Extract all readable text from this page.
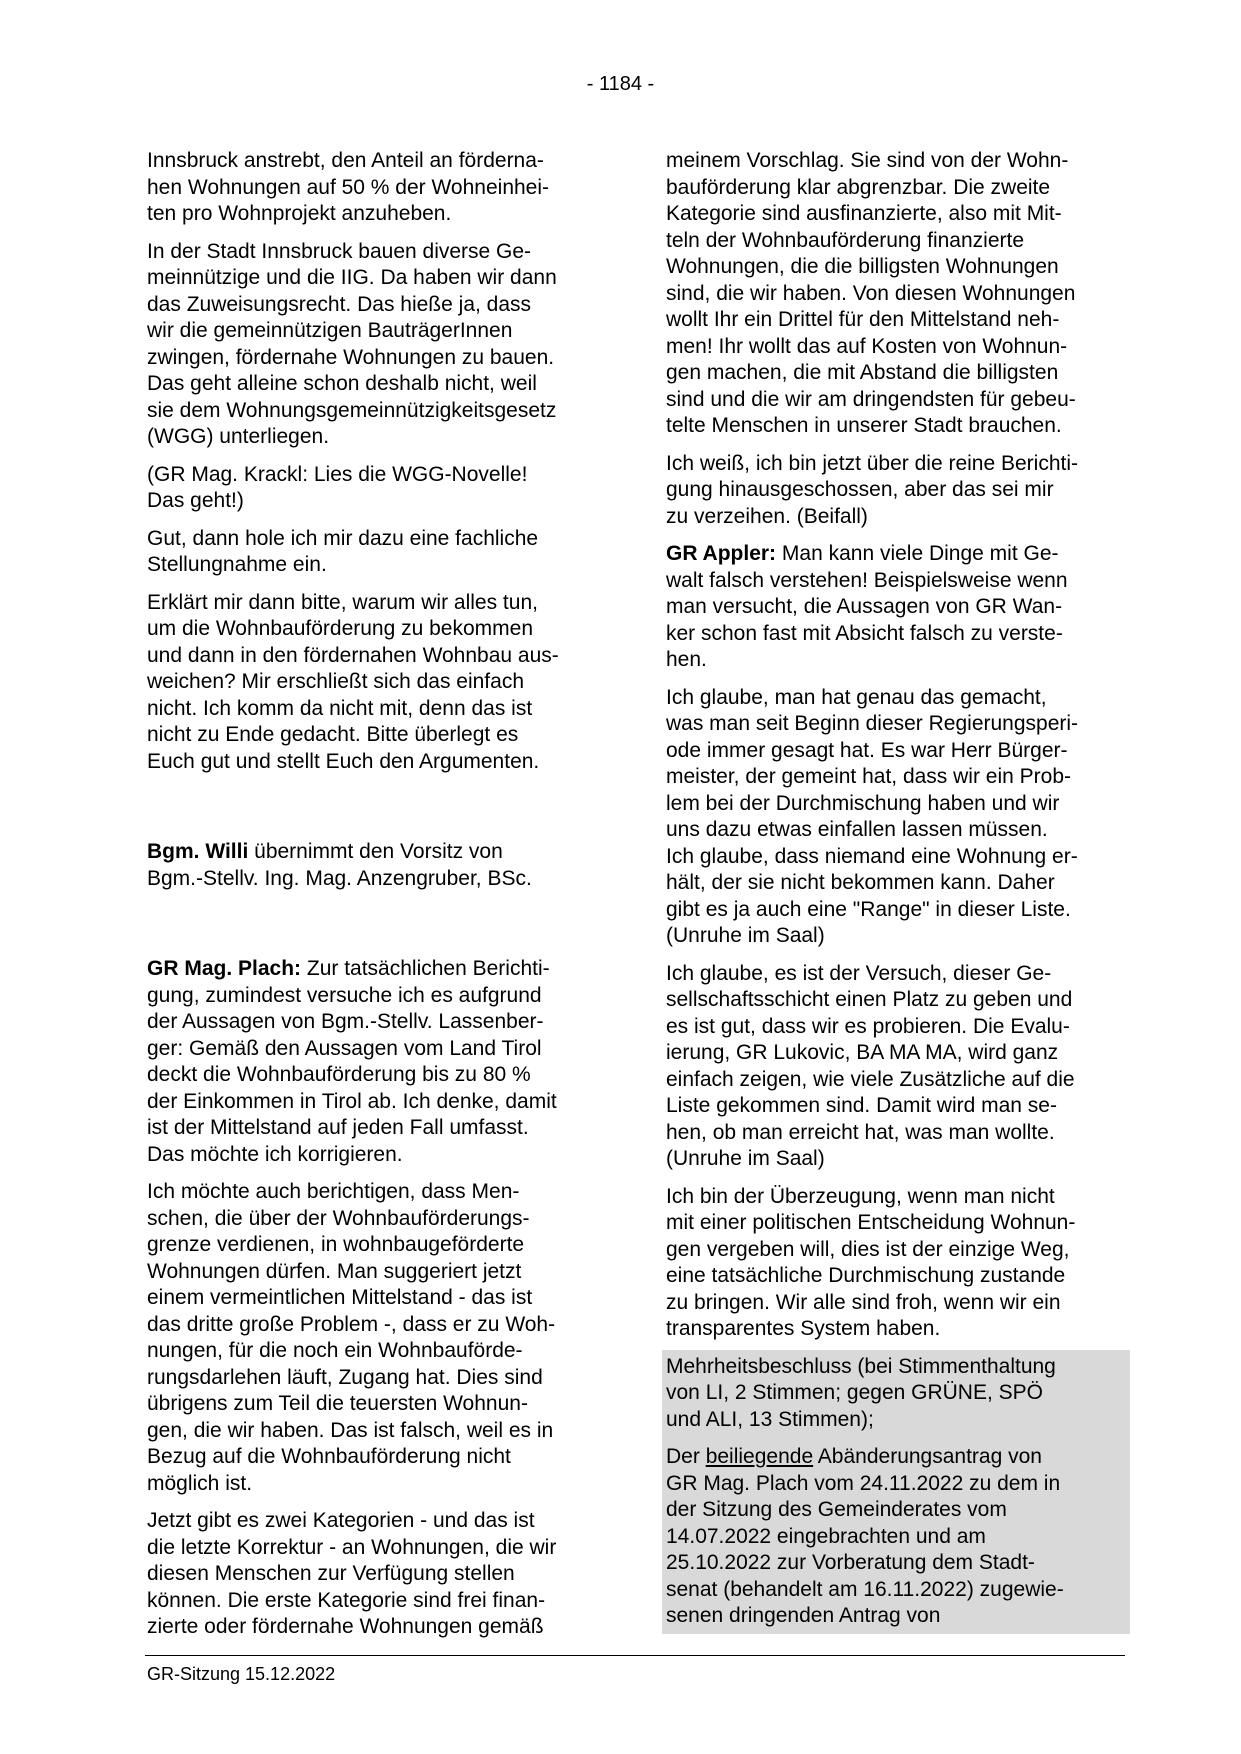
- 1184 -
Innsbruck anstrebt, den Anteil an förderna-
hen Wohnungen auf 50 % der Wohneinhei-
ten pro Wohnprojekt anzuheben.
In der Stadt Innsbruck bauen diverse Ge-
meinnützige und die IIG. Da haben wir dann
das Zuweisungsrecht. Das hieße ja, dass
wir die gemeinnützigen BauträgerInnen
zwingen, fördernahe Wohnungen zu bauen.
Das geht alleine schon deshalb nicht, weil
sie dem Wohnungsgemeinnützigkeitsgesetz
(WGG) unterliegen.
(GR Mag. Krackl: Lies die WGG-Novelle!
Das geht!)
Gut, dann hole ich mir dazu eine fachliche
Stellungnahme ein.
Erklärt mir dann bitte, warum wir alles tun,
um die Wohnbauförderung zu bekommen
und dann in den fördernahen Wohnbau aus-
weichen? Mir erschließt sich das einfach
nicht. Ich komm da nicht mit, denn das ist
nicht zu Ende gedacht. Bitte überlegt es
Euch gut und stellt Euch den Argumenten.
Bgm. Willi übernimmt den Vorsitz von
Bgm.-Stellv. Ing. Mag. Anzengruber, BSc.
GR Mag. Plach: Zur tatsächlichen Berichti-
gung, zumindest versuche ich es aufgrund
der Aussagen von Bgm.-Stellv. Lassenber-
ger: Gemäß den Aussagen vom Land Tirol
deckt die Wohnbauförderung bis zu 80 %
der Einkommen in Tirol ab. Ich denke, damit
ist der Mittelstand auf jeden Fall umfasst.
Das möchte ich korrigieren.
Ich möchte auch berichtigen, dass Men-
schen, die über der Wohnbauförderungs-
grenze verdienen, in wohnbaugeförderte
Wohnungen dürfen. Man suggeriert jetzt
einem vermeintlichen Mittelstand - das ist
das dritte große Problem -, dass er zu Woh-
nungen, für die noch ein Wohnbauförde-
rungsdarlehen läuft, Zugang hat. Dies sind
übrigens zum Teil die teuersten Wohnun-
gen, die wir haben. Das ist falsch, weil es in
Bezug auf die Wohnbauförderung nicht
möglich ist.
Jetzt gibt es zwei Kategorien - und das ist
die letzte Korrektur - an Wohnungen, die wir
diesen Menschen zur Verfügung stellen
können. Die erste Kategorie sind frei finan-
zierte oder fördernahe Wohnungen gemäß
meinem Vorschlag. Sie sind von der Wohn-
bauförderung klar abgrenzbar. Die zweite
Kategorie sind ausfinanzierte, also mit Mit-
teln der Wohnbauförderung finanzierte
Wohnungen, die die billigsten Wohnungen
sind, die wir haben. Von diesen Wohnungen
wollt Ihr ein Drittel für den Mittelstand neh-
men! Ihr wollt das auf Kosten von Wohnun-
gen machen, die mit Abstand die billigsten
sind und die wir am dringendsten für gebeu-
telte Menschen in unserer Stadt brauchen.
Ich weiß, ich bin jetzt über die reine Berichti-
gung hinausgeschossen, aber das sei mir
zu verzeihen. (Beifall)
GR Appler: Man kann viele Dinge mit Ge-
walt falsch verstehen! Beispielsweise wenn
man versucht, die Aussagen von GR Wan-
ker schon fast mit Absicht falsch zu verste-
hen.
Ich glaube, man hat genau das gemacht,
was man seit Beginn dieser Regierungsperi-
ode immer gesagt hat. Es war Herr Bürger-
meister, der gemeint hat, dass wir ein Prob-
lem bei der Durchmischung haben und wir
uns dazu etwas einfallen lassen müssen.
Ich glaube, dass niemand eine Wohnung er-
hält, der sie nicht bekommen kann. Daher
gibt es ja auch eine "Range" in dieser Liste.
(Unruhe im Saal)
Ich glaube, es ist der Versuch, dieser Ge-
sellschaftsschicht einen Platz zu geben und
es ist gut, dass wir es probieren. Die Evalu-
ierung, GR Lukovic, BA MA MA, wird ganz
einfach zeigen, wie viele Zusätzliche auf die
Liste gekommen sind. Damit wird man se-
hen, ob man erreicht hat, was man wollte.
(Unruhe im Saal)
Ich bin der Überzeugung, wenn man nicht
mit einer politischen Entscheidung Wohnun-
gen vergeben will, dies ist der einzige Weg,
eine tatsächliche Durchmischung zustande
zu bringen. Wir alle sind froh, wenn wir ein
transparentes System haben.
Mehrheitsbeschluss (bei Stimmenthaltung
von LI, 2 Stimmen; gegen GRÜNE, SPÖ
und ALI, 13 Stimmen);
Der beiliegende Abänderungsantrag von
GR Mag. Plach vom 24.11.2022 zu dem in
der Sitzung des Gemeinderates vom
14.07.2022 eingebrachten und am
25.10.2022 zur Vorberatung dem Stadt-
senat (behandelt am 16.11.2022) zugewie-
senen dringenden Antrag von
GR-Sitzung 15.12.2022
